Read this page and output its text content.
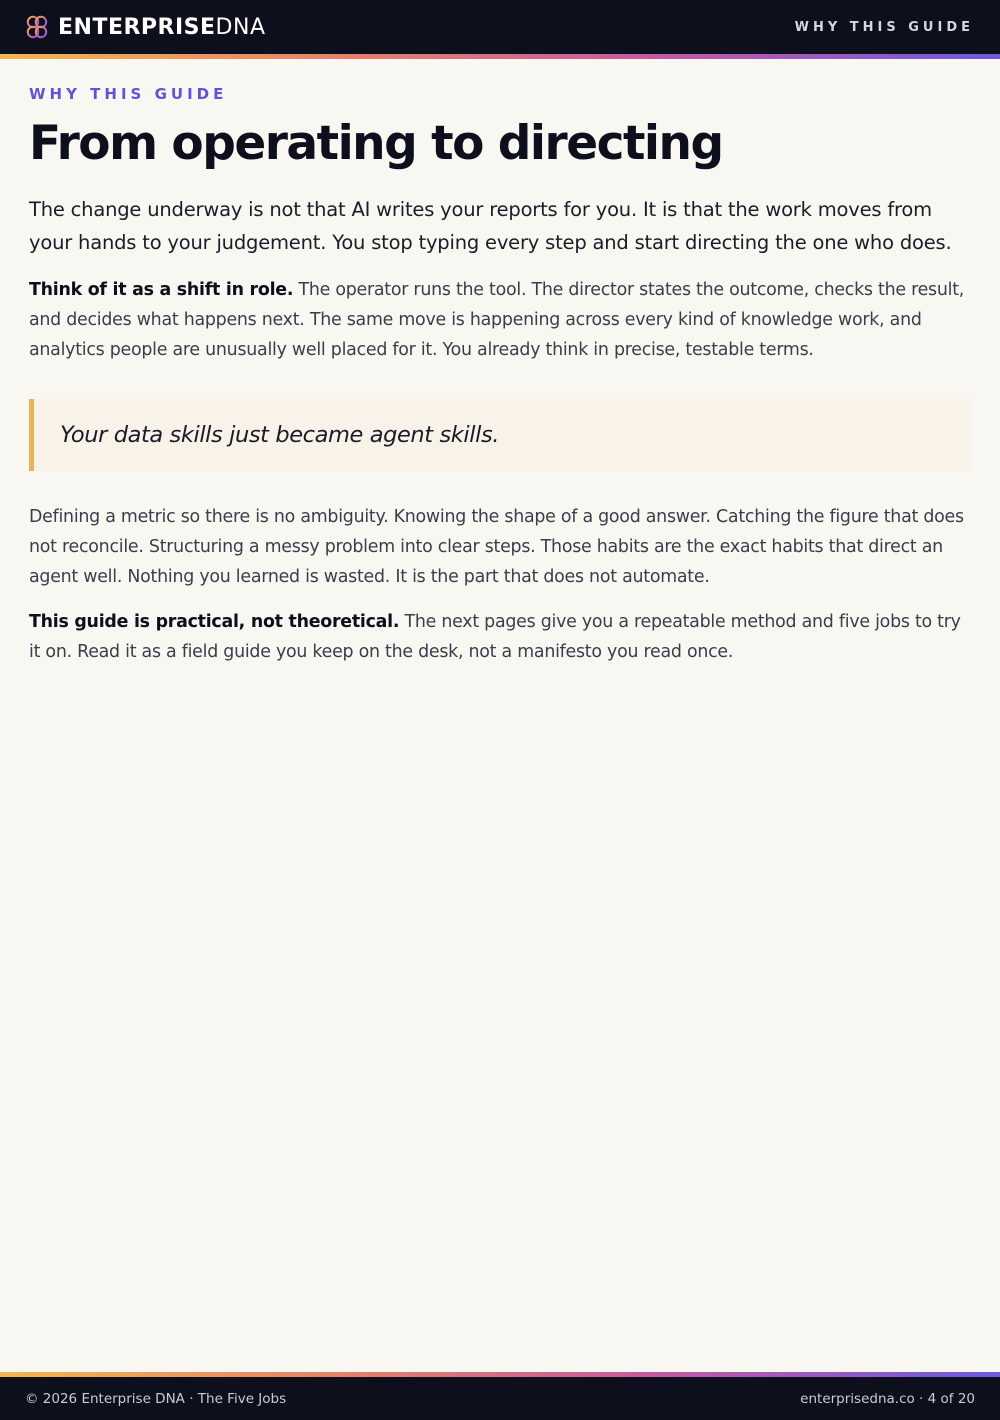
ENTERPRISEDNA	WHY THIS GUIDE
WHY THIS GUIDE
From operating to directing

The change underway is not that AI writes your reports for you. It is that the work moves from your hands to your judgement. You stop typing every step and start directing the one who does.

Think of it as a shift in role. The operator runs the tool. The director states the outcome, checks the result, and decides what happens next. The same move is happening across every kind of knowledge work, and analytics people are unusually well placed for it. You already think in precise, testable terms.

Your data skills just became agent skills.

Defining a metric so there is no ambiguity. Knowing the shape of a good answer. Catching the figure that does not reconcile. Structuring a messy problem into clear steps. Those habits are the exact habits that direct an agent well. Nothing you learned is wasted. It is the part that does not automate.

This guide is practical, not theoretical. The next pages give you a repeatable method and five jobs to try it on. Read it as a field guide you keep on the desk, not a manifesto you read once.

© 2026 Enterprise DNA · The Five Jobs	enterprisedna.co · 4 of 20
